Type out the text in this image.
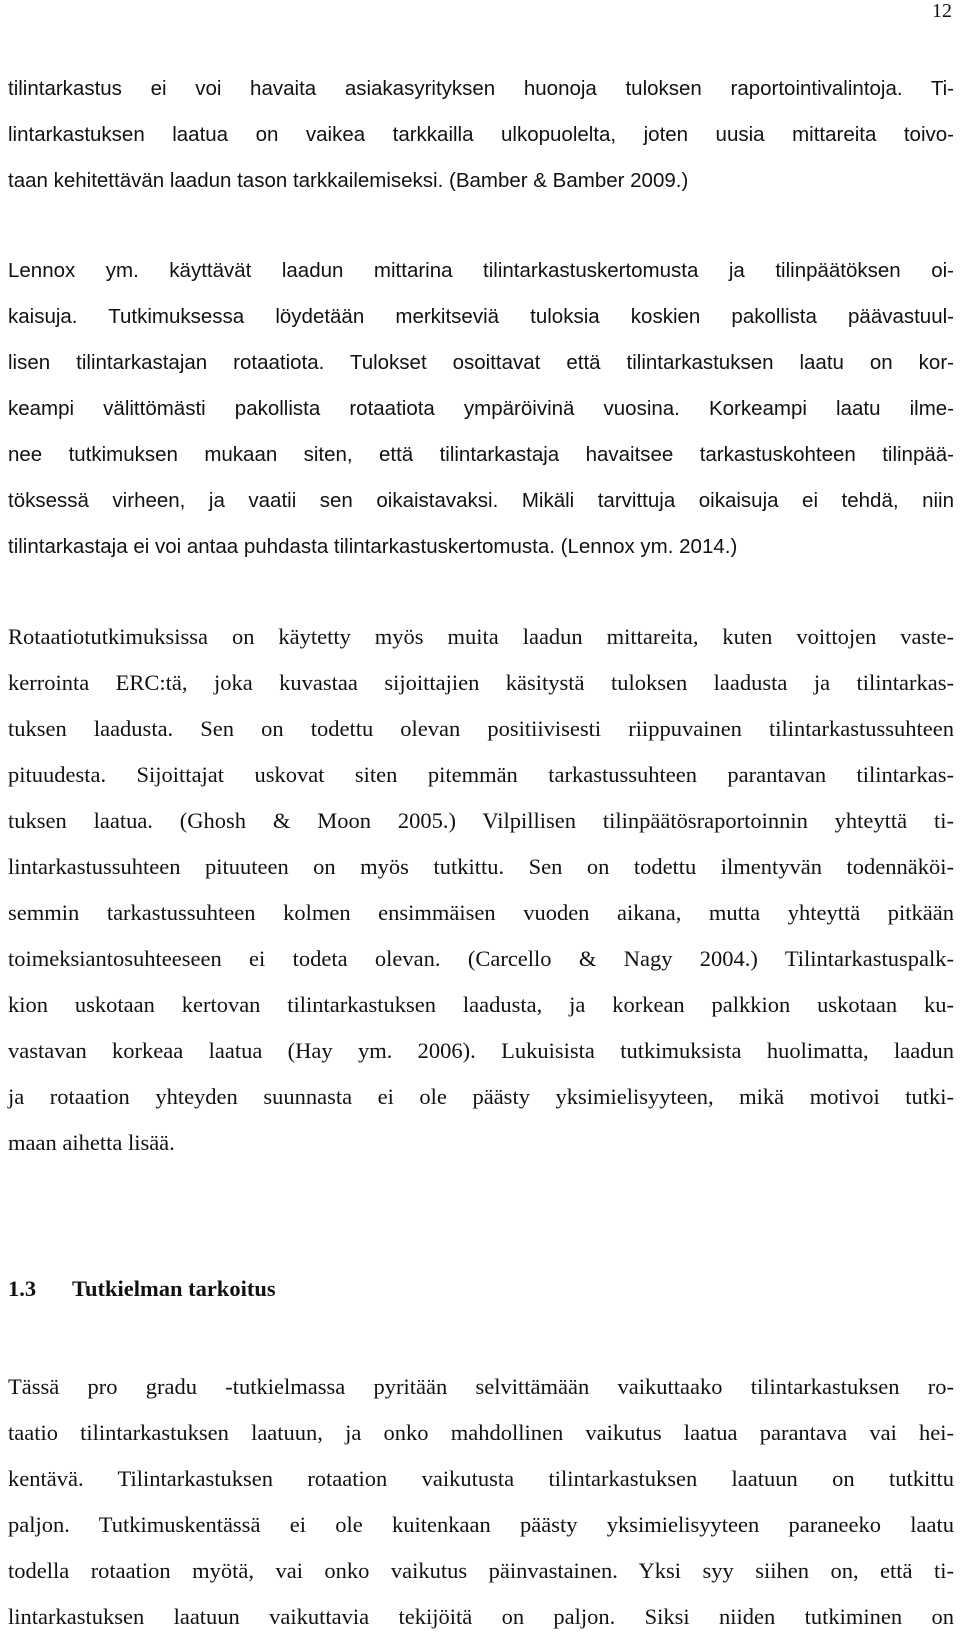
12

tilintarkastus ei voi havaita asiakasyrityksen huonoja tuloksen raportointivalintoja. Ti-

lintarkastuksen laatua on vaikea tarkkailla ulkopuolelta, joten uusia mittareita toivo-

taan kehitettävän laadun tason tarkkailemiseksi. (Bamber & Bamber 2009.)

Lennox ym. käyttävät laadun mittarina tilintarkastuskertomusta ja tilinpäätöksen oi-

kaisuja. Tutkimuksessa löydetään merkitseviä tuloksia koskien pakollista päävastuul-

lisen tilintarkastajan rotaatiota. Tulokset osoittavat että tilintarkastuksen laatu on kor-

keampi välittömästi pakollista rotaatiota ympäröivinä vuosina. Korkeampi laatu ilme-

nee tutkimuksen mukaan siten, että tilintarkastaja havaitsee tarkastuskohteen tilinpää-

töksessä virheen, ja vaatii sen oikaistavaksi. Mikäli tarvittuja oikaisuja ei tehdä, niin

tilintarkastaja ei voi antaa puhdasta tilintarkastuskertomusta. (Lennox ym. 2014.)

Rotaatiotutkimuksissa on käytetty myös muita laadun mittareita, kuten voittojen vaste-

kerrointa ERC:tä, joka kuvastaa sijoittajien käsitystä tuloksen laadusta ja tilintarkas-

tuksen laadusta. Sen on todettu olevan positiivisesti riippuvainen tilintarkastussuhteen

pituudesta. Sijoittajat uskovat siten pitemmän tarkastussuhteen parantavan tilintarkas-

tuksen laatua. (Ghosh & Moon 2005.) Vilpillisen tilinpäätösraportoinnin yhteyttä ti-

lintarkastussuhteen pituuteen on myös tutkittu. Sen on todettu ilmentyvän todennäköi-

semmin tarkastussuhteen kolmen ensimmäisen vuoden aikana, mutta yhteyttä pitkään

toimeksiantosuhteeseen ei todeta olevan. (Carcello & Nagy 2004.) Tilintarkastuspalk-

kion uskotaan kertovan tilintarkastuksen laadusta, ja korkean palkkion uskotaan ku-

vastavan korkeaa laatua (Hay ym. 2006). Lukuisista tutkimuksista huolimatta, laadun

ja rotaation yhteyden suunnasta ei ole päästy yksimielisyyteen, mikä motivoi tutki-

maan aihetta lisää.

1.3 Tutkielman tarkoitus

Tässä pro gradu -tutkielmassa pyritään selvittämään vaikuttaako tilintarkastuksen ro-

taatio tilintarkastuksen laatuun, ja onko mahdollinen vaikutus laatua parantava vai hei-

kentävä. Tilintarkastuksen rotaation vaikutusta tilintarkastuksen laatuun on tutkittu

paljon. Tutkimuskentässä ei ole kuitenkaan päästy yksimielisyyteen paraneeko laatu

todella rotaation myötä, vai onko vaikutus päinvastainen. Yksi syy siihen on, että ti-

lintarkastuksen laatuun vaikuttavia tekijöitä on paljon. Siksi niiden tutkiminen on
